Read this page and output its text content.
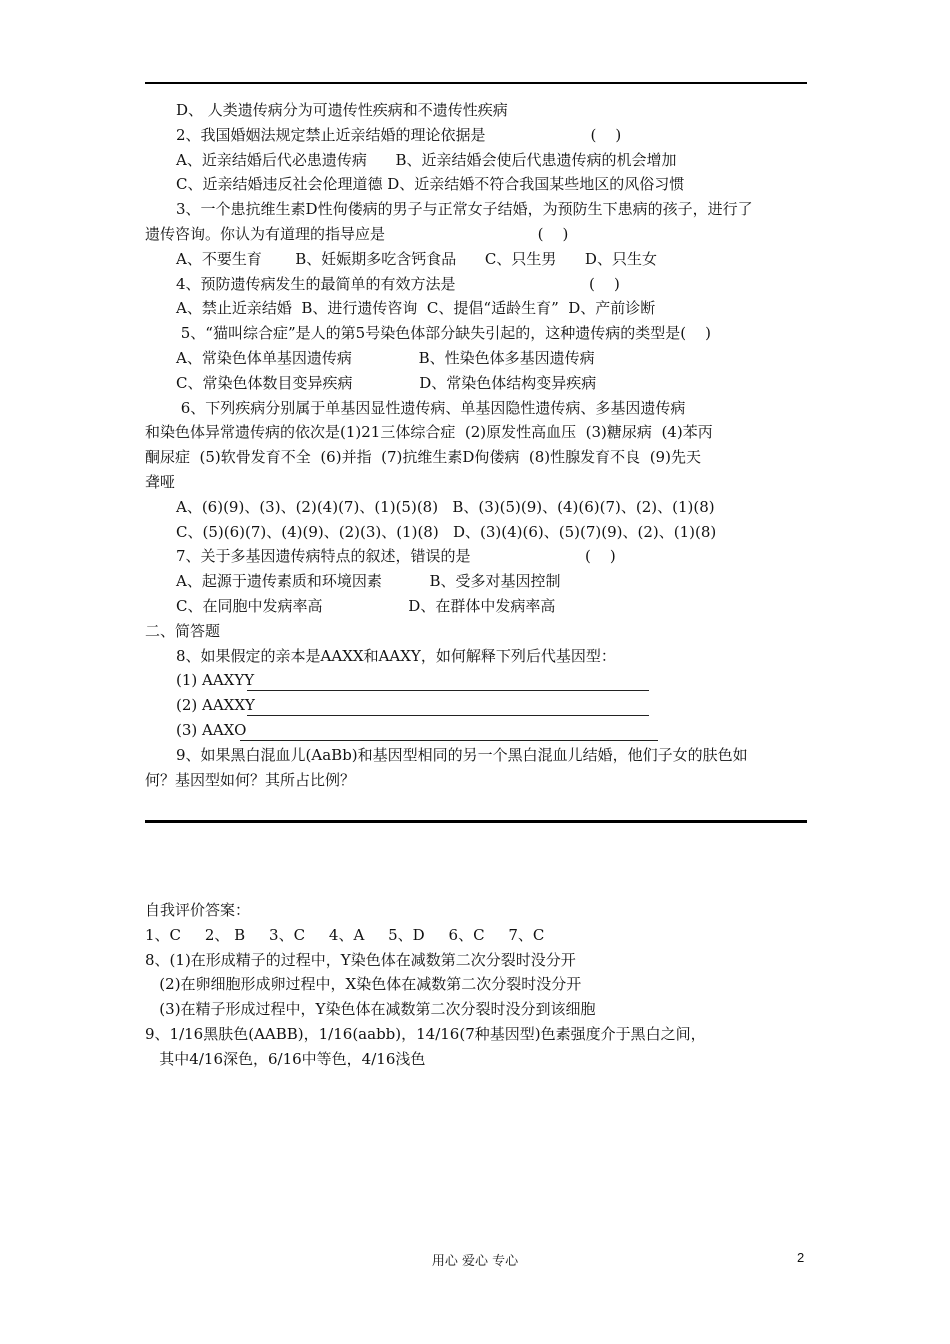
D、 人类遗传病分为可遗传性疾病和不遗传性疾病
2、我国婚姻法规定禁止近亲结婚的理论依据是                      (    )
A、近亲结婚后代必患遗传病      B、近亲结婚会使后代患遗传病的机会增加
C、近亲结婚违反社会伦理道德 D、近亲结婚不符合我国某些地区的风俗习惯
3、一个患抗维生素D性佝偻病的男子与正常女子结婚，为预防生下患病的孩子，进行了
遗传咨询。你认为有道理的指导应是                                (    )
A、不要生育       B、妊娠期多吃含钙食品      C、只生男      D、只生女
4、预防遗传病发生的最简单的有效方法是                            (    )
A、禁止近亲结婚  B、进行遗传咨询  C、提倡“适龄生育”  D、产前诊断
5、“猫叫综合症”是人的第5号染色体部分缺失引起的，这种遗传病的类型是(    )
A、常染色体单基因遗传病              B、性染色体多基因遗传病
C、常染色体数目变异疾病              D、常染色体结构变异疾病
6、下列疾病分别属于单基因显性遗传病、单基因隐性遗传病、多基因遗传病
和染色体异常遗传病的依次是(1)21三体综合症  (2)原发性高血压  (3)糖尿病  (4)苯丙
酮尿症  (5)软骨发育不全  (6)并指  (7)抗维生素D佝偻病  (8)性腺发育不良  (9)先天
聋哑
A、(6)(9)、(3)、(2)(4)(7)、(1)(5)(8)   B、(3)(5)(9)、(4)(6)(7)、(2)、(1)(8)
C、(5)(6)(7)、(4)(9)、(2)(3)、(1)(8)   D、(3)(4)(6)、(5)(7)(9)、(2)、(1)(8)
7、关于多基因遗传病特点的叙述，错误的是                        (    )
A、起源于遗传素质和环境因素          B、受多对基因控制
C、在同胞中发病率高                  D、在群体中发病率高
二、简答题
8、如果假定的亲本是AAXX和AAXY，如何解释下列后代基因型：
(1) AAXYY
(2) AAXXY
(3) AAXO
9、如果黑白混血儿(AaBb)和基因型相同的另一个黑白混血儿结婚，他们子女的肤色如
何？基因型如何？其所占比例？
自我评价答案：
1、C     2、 B     3、C     4、A     5、D     6、C     7、C
8、(1)在形成精子的过程中，Y染色体在减数第二次分裂时没分开
(2)在卵细胞形成卵过程中，X染色体在减数第二次分裂时没分开
(3)在精子形成过程中，Y染色体在减数第二次分裂时没分到该细胞
9、1/16黑肤色(AABB)，1/16(aabb)，14/16(7种基因型)色素强度介于黑白之间，
其中4/16深色，6/16中等色，4/16浅色
用心 爱心 专心	2
